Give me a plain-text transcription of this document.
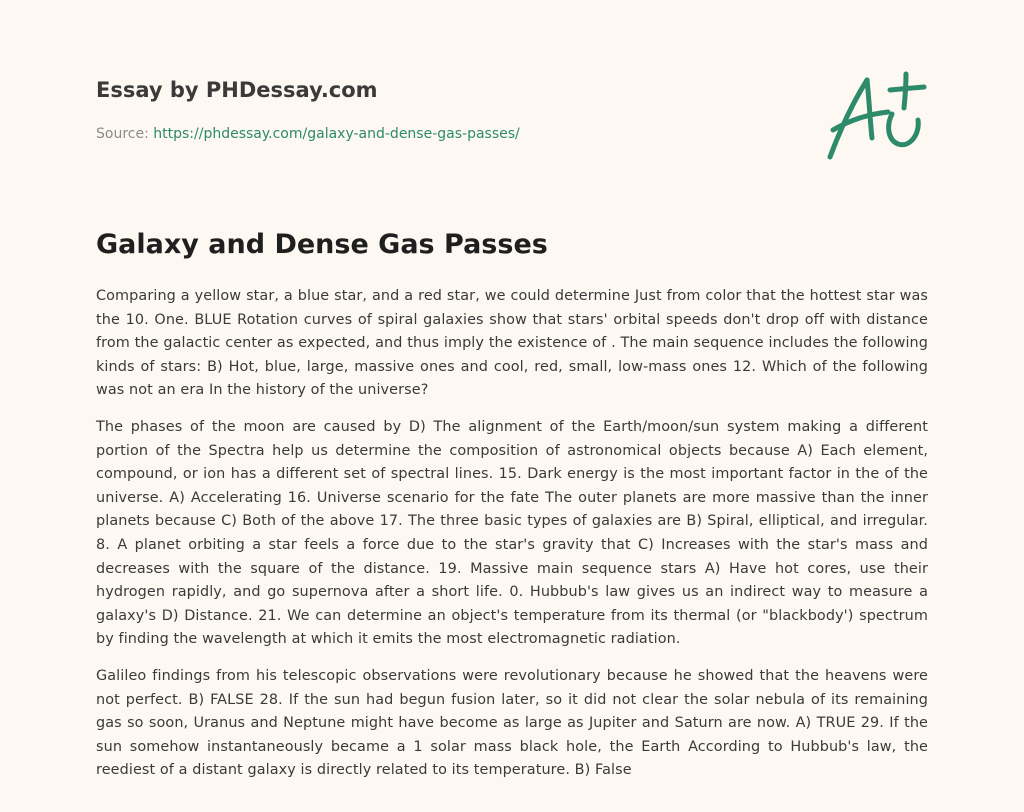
Essay by PHDessay.com
Source: https://phdessay.com/galaxy-and-dense-gas-passes/
Galaxy and Dense Gas Passes

Comparing a yellow star, a blue star, and a red star, we could determine Just from color that the hottest star was the 10. One. BLUE Rotation curves of spiral galaxies show that stars' orbital speeds don't drop off with distance from the galactic center as expected, and thus imply the existence of . The main sequence includes the following kinds of stars: B) Hot, blue, large, massive ones and cool, red, small, low-mass ones 12. Which of the following was not an era In the history of the universe?

The phases of the moon are caused by D) The alignment of the Earth/moon/sun system making a different portion of the Spectra help us determine the composition of astronomical objects because A) Each element, compound, or ion has a different set of spectral lines. 15. Dark energy is the most important factor in the of the universe. A) Accelerating 16. Universe scenario for the fate The outer planets are more massive than the inner planets because C) Both of the above 17. The three basic types of galaxies are B) Spiral, elliptical, and irregular. 8. A planet orbiting a star feels a force due to the star's gravity that C) Increases with the star's mass and decreases with the square of the distance. 19. Massive main sequence stars A) Have hot cores, use their hydrogen rapidly, and go supernova after a short life. 0. Hubbub's law gives us an indirect way to measure a galaxy's D) Distance. 21. We can determine an object's temperature from its thermal (or "blackbody') spectrum by finding the wavelength at which it emits the most electromagnetic radiation.

Galileo findings from his telescopic observations were revolutionary because he showed that the heavens were not perfect. B) FALSE 28. If the sun had begun fusion later, so it did not clear the solar nebula of its remaining gas so soon, Uranus and Neptune might have become as large as Jupiter and Saturn are now. A) TRUE 29. If the sun somehow instantaneously became a 1 solar mass black hole, the Earth According to Hubbub's law, the reediest of a distant galaxy is directly related to its temperature. B) False
